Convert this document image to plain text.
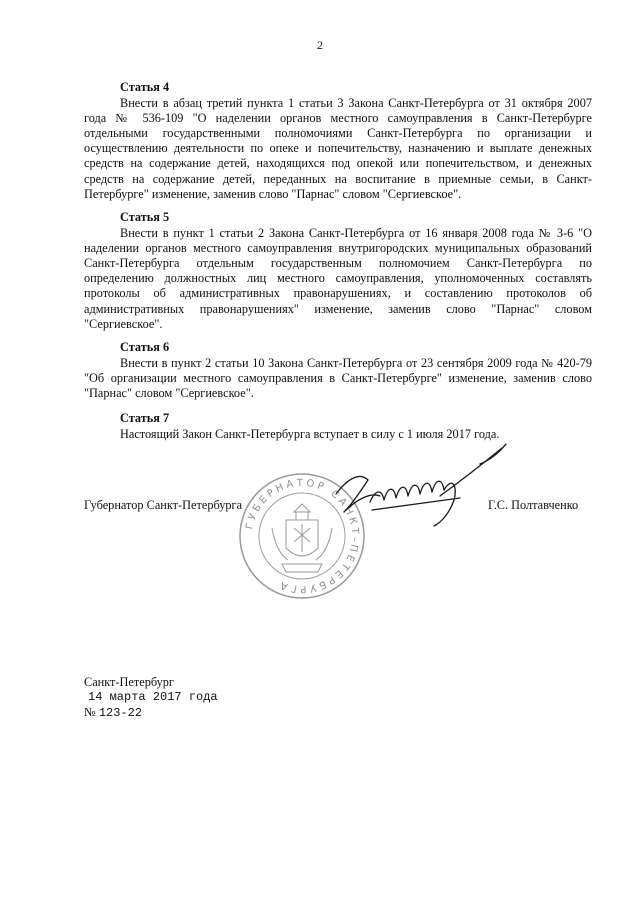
2
Статья 4
Внести в абзац третий пункта 1 статьи 3 Закона Санкт-Петербурга от 31 октября 2007 года № 536-109 "О наделении органов местного самоуправления в Санкт-Петербурге отдельными государственными полномочиями Санкт-Петербурга по организации и осуществлению деятельности по опеке и попечительству, назначению и выплате денежных средств на содержание детей, находящихся под опекой или попечительством, и денежных средств на содержание детей, переданных на воспитание в приемные семьи, в Санкт-Петербурге" изменение, заменив слово "Парнас" словом "Сергиевское".
Статья 5
Внести в пункт 1 статьи 2 Закона Санкт-Петербурга от 16 января 2008 года № 3-6 "О наделении органов местного самоуправления внутригородских муниципальных образований Санкт-Петербурга отдельным государственным полномочием Санкт-Петербурга по определению должностных лиц местного самоуправления, уполномоченных составлять протоколы об административных правонарушениях, и составлению протоколов об административных правонарушениях" изменение, заменив слово "Парнас" словом "Сергиевское".
Статья 6
Внести в пункт 2 статьи 10 Закона Санкт-Петербурга от 23 сентября 2009 года № 420-79 "Об организации местного самоуправления в Санкт-Петербурге" изменение, заменив слово "Парнас" словом "Сергиевское".
Статья 7
Настоящий Закон Санкт-Петербурга вступает в силу с 1 июля 2017 года.
ГУБЕРНАТОР САНКТ-ПЕТЕРБУРГА
Губернатор Санкт-Петербурга	Г.С. Полтавченко
Санкт-Петербург
14 марта 2017 года
№ 123-22
